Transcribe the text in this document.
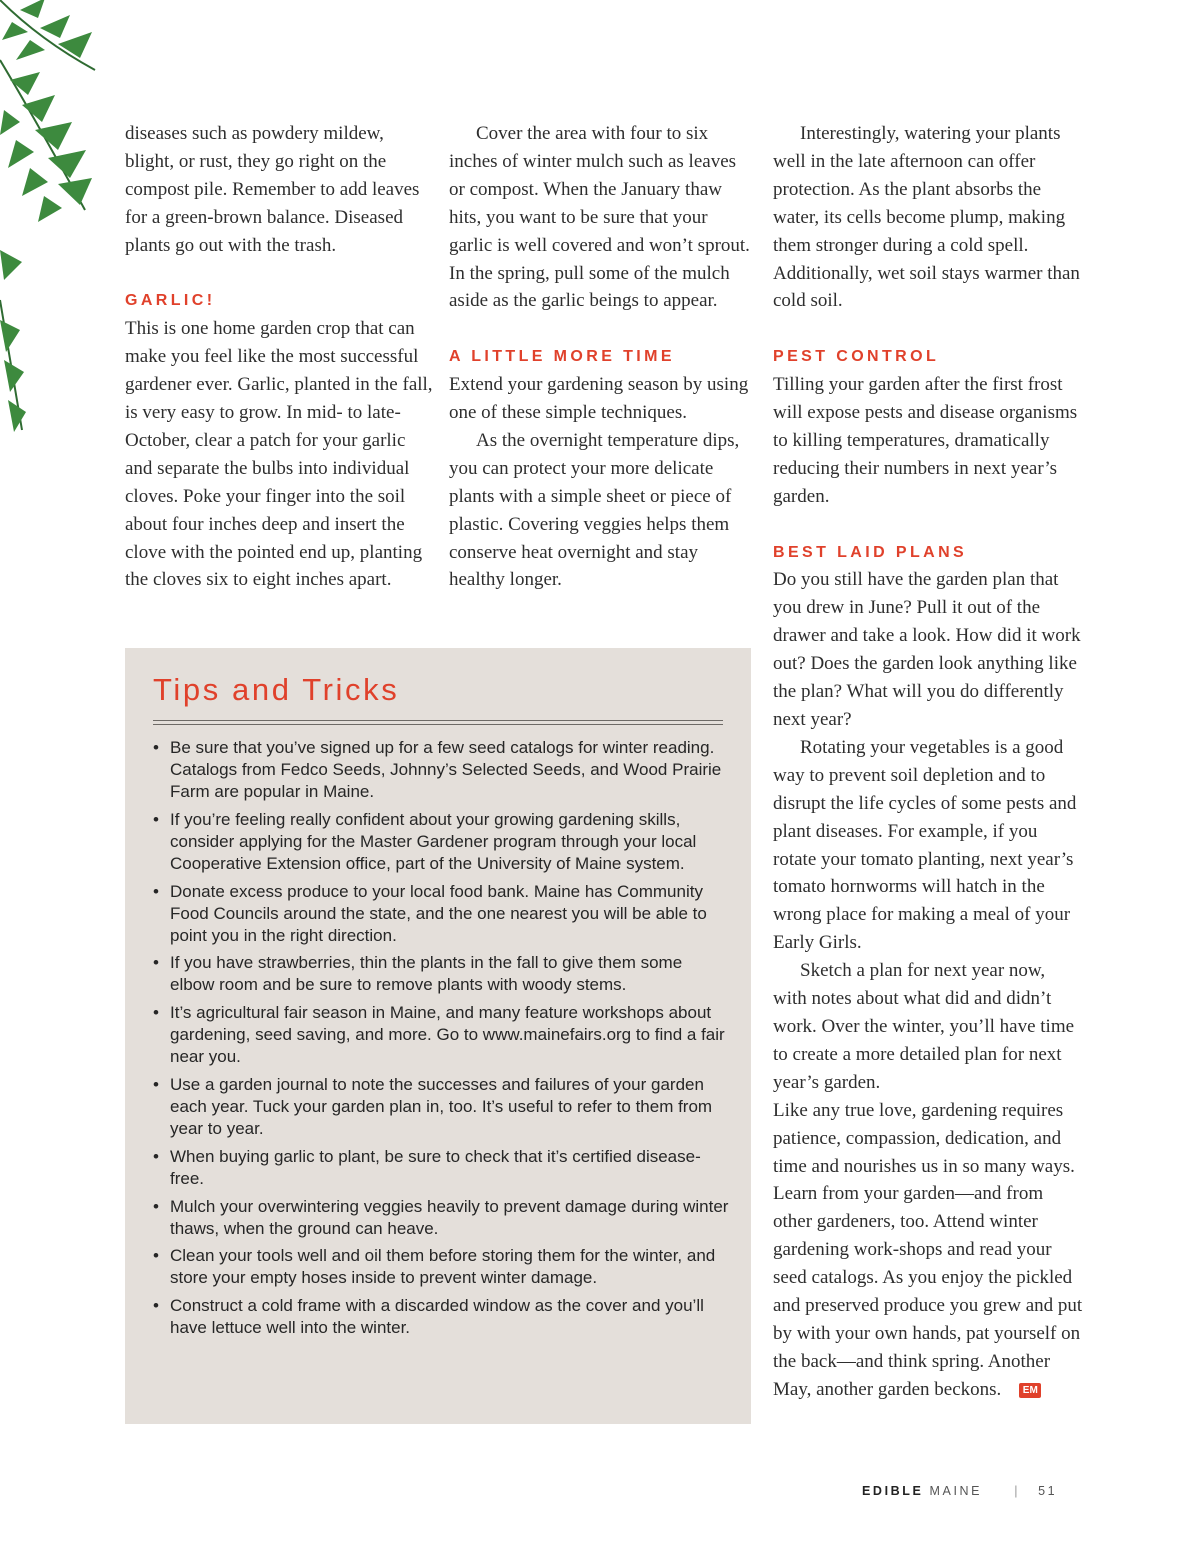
diseases such as powdery mildew, blight, or rust, they go right on the compost pile. Remember to add leaves for a green-brown balance. Diseased plants go out with the trash.

GARLIC!

This is one home garden crop that can make you feel like the most successful gardener ever. Garlic, planted in the fall, is very easy to grow. In mid- to late-October, clear a patch for your garlic and separate the bulbs into individual cloves. Poke your finger into the soil about four inches deep and insert the clove with the pointed end up, planting the cloves six to eight inches apart.

Cover the area with four to six inches of winter mulch such as leaves or compost. When the January thaw hits, you want to be sure that your garlic is well covered and won’t sprout. In the spring, pull some of the mulch aside as the garlic beings to appear.

A LITTLE MORE TIME

Extend your gardening season by using one of these simple techniques.

As the overnight temperature dips, you can protect your more delicate plants with a simple sheet or piece of plastic. Covering veggies helps them conserve heat overnight and stay healthy longer.

Interestingly, watering your plants well in the late afternoon can offer protection. As the plant absorbs the water, its cells become plump, making them stronger during a cold spell. Additionally, wet soil stays warmer than cold soil.

PEST CONTROL

Tilling your garden after the first frost will expose pests and disease organisms to killing temperatures, dramatically reducing their numbers in next year’s garden.

BEST LAID PLANS

Do you still have the garden plan that you drew in June? Pull it out of the drawer and take a look. How did it work out? Does the garden look anything like the plan? What will you do differently next year?

Rotating your vegetables is a good way to prevent soil depletion and to disrupt the life cycles of some pests and plant diseases. For example, if you rotate your tomato planting, next year’s tomato hornworms will hatch in the wrong place for making a meal of your Early Girls.

Sketch a plan for next year now, with notes about what did and didn’t work. Over the winter, you’ll have time to create a more detailed plan for next year’s garden.

Like any true love, gardening requires patience, compassion, dedication, and time and nourishes us in so many ways. Learn from your garden—and from other gardeners, too. Attend winter gardening work-shops and read your seed catalogs. As you enjoy the pickled and preserved produce you grew and put by with your own hands, pat yourself on the back—and think spring. Another May, another garden beckons. EM

Tips and Tricks
• Be sure that you’ve signed up for a few seed catalogs for winter reading. Catalogs from Fedco Seeds, Johnny’s Selected Seeds, and Wood Prairie Farm are popular in Maine.
• If you’re feeling really confident about your growing gardening skills, consider applying for the Master Gardener program through your local Cooperative Extension office, part of the University of Maine system.
• Donate excess produce to your local food bank. Maine has Community Food Councils around the state, and the one nearest you will be able to point you in the right direction.
• If you have strawberries, thin the plants in the fall to give them some elbow room and be sure to remove plants with woody stems.
• It’s agricultural fair season in Maine, and many feature workshops about gardening, seed saving, and more. Go to www.mainefairs.org to find a fair near you.
• Use a garden journal to note the successes and failures of your garden each year. Tuck your garden plan in, too. It’s useful to refer to them from year to year.
• When buying garlic to plant, be sure to check that it’s certified disease-free.
• Mulch your overwintering veggies heavily to prevent damage during winter thaws, when the ground can heave.
• Clean your tools well and oil them before storing them for the winter, and store your empty hoses inside to prevent winter damage.
• Construct a cold frame with a discarded window as the cover and you’ll have lettuce well into the winter.
EDIBLE MAINE	| 51
